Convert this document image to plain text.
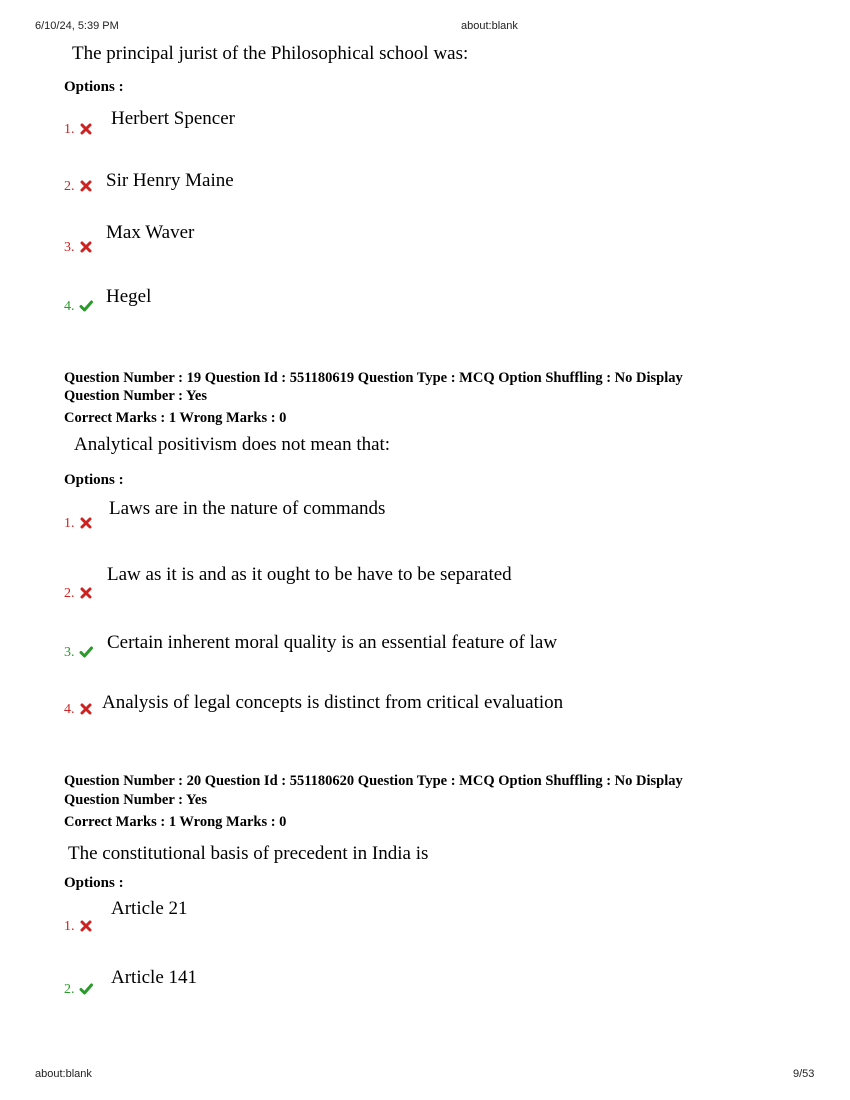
6/10/24, 5:39 PM	about:blank
about:blank	9/53
The principal jurist of the Philosophical school was:
Options :
1.
Herbert Spencer
2.	Sir Henry Maine
3.
Max Waver
4.	Hegel
Question Number : 19 Question Id : 551180619 Question Type : MCQ Option Shuffling : No Display
Question Number : Yes
Correct Marks : 1 Wrong Marks : 0
Analytical positivism does not mean that:
Options :
1.
Laws are in the nature of commands
2.
Law as it is and as it ought to be have to be separated
3.	Certain inherent moral quality is an essential feature of law
4.	Analysis of legal concepts is distinct from critical evaluation
Question Number : 20 Question Id : 551180620 Question Type : MCQ Option Shuffling : No Display
Question Number : Yes
Correct Marks : 1 Wrong Marks : 0
The constitutional basis of precedent in India is
Options :
1.
Article 21
2.
Article 141
